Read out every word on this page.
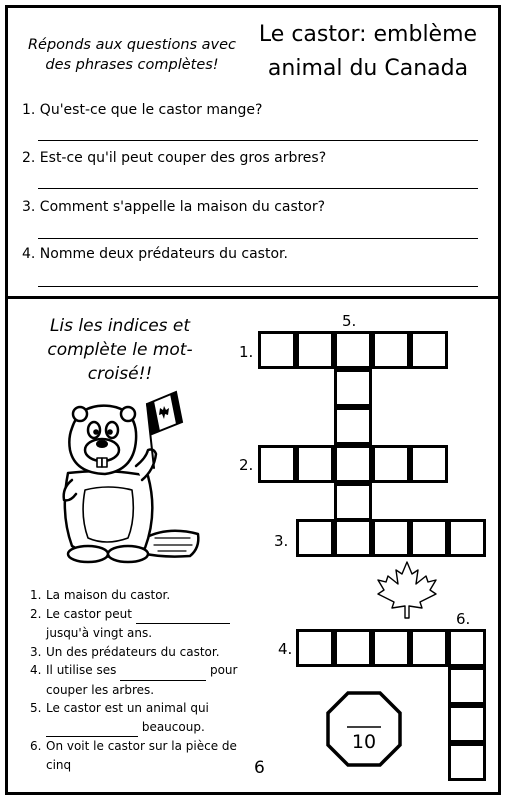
Réponds aux questions avec
des phrases complètes!
Le castor: emblème
animal du Canada
1. Qu'est-ce que le castor mange?
2. Est-ce qu'il peut couper des gros arbres?
3. Comment s'appelle la maison du castor?
4. Nomme deux prédateurs du castor.
Lis les indices et
complète le mot-
croisé!!
5.
1.
2.
3.
6.
4.
1. La maison du castor.
2. Le castor peut
jusqu'à vingt ans.
3. Un des prédateurs du castor.
4. Il utilise ses	pour
couper les arbres.
5. Le castor est un animal qui
beaucoup.
6. On voit le castor sur la pièce de
cinq
10
6
